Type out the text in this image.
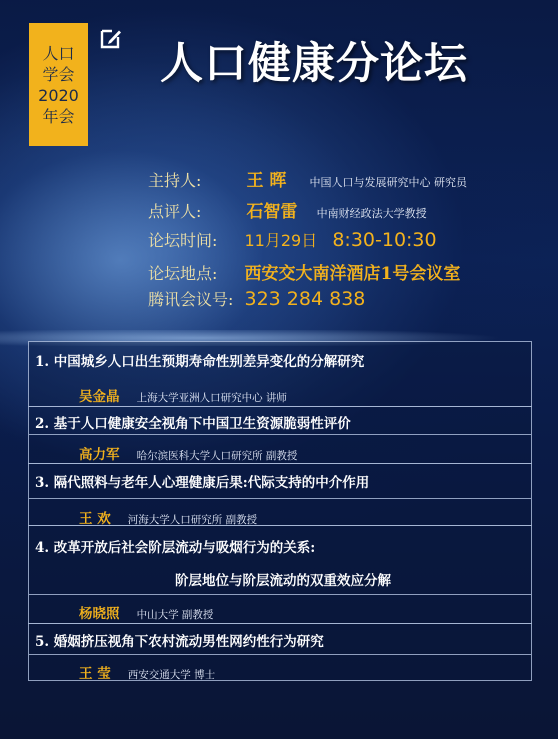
人口
学会
2020
年会
人口健康分论坛
主持人:	王 晖 中国人口与发展研究中心 研究员
点评人:	石智雷 中南财经政法大学教授
论坛时间: 11月29日 8:30-10:30
论坛地点: 西安交大南洋酒店1号会议室
腾讯会议号: 323 284 838
1. 中国城乡人口出生预期寿命性别差异变化的分解研究
吴金晶 上海大学亚洲人口研究中心 讲师
2. 基于人口健康安全视角下中国卫生资源脆弱性评价
高力军 哈尔滨医科大学人口研究所 副教授
3. 隔代照料与老年人心理健康后果:代际支持的中介作用
王 欢 河海大学人口研究所 副教授
4. 改革开放后社会阶层流动与吸烟行为的关系:
阶层地位与阶层流动的双重效应分解
杨晓照 中山大学 副教授
5. 婚姻挤压视角下农村流动男性网约性行为研究
王 莹 西安交通大学 博士
